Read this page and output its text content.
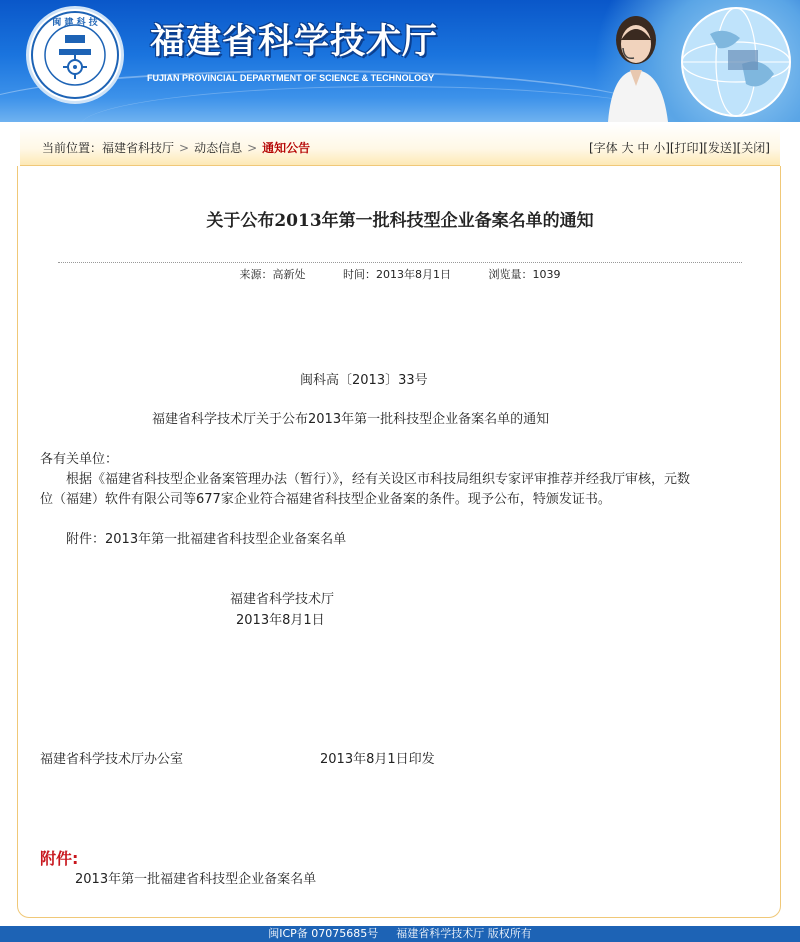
闽 建 科 技 福建省科学技术厅
FUJIAN PROVINCIAL DEPARTMENT OF SCIENCE & TECHNOLOGY
当前位置：福建省科技厅 > 动态信息 > 通知公告	[字体 大 中 小][打印][发送][关闭]
关于公布2013年第一批科技型企业备案名单的通知
来源：高新处	时间：2013年8月1日	浏览量：1039
闽科高〔2013〕33号
福建省科学技术厅关于公布2013年第一批科技型企业备案名单的通知
各有关单位：
根据《福建省科技型企业备案管理办法（暂行）》，经有关设区市科技局组织专家评审推荐并经我厅审核，元数
位（福建）软件有限公司等677家企业符合福建省科技型企业备案的条件。现予公布，特颁发证书。
附件：2013年第一批福建省科技型企业备案名单
福建省科学技术厅
2013年8月1日
福建省科学技术厅办公室	2013年8月1日印发
附件:
2013年第一批福建省科技型企业备案名单
闽ICP备 07075685号 福建省科学技术厅 版权所有
